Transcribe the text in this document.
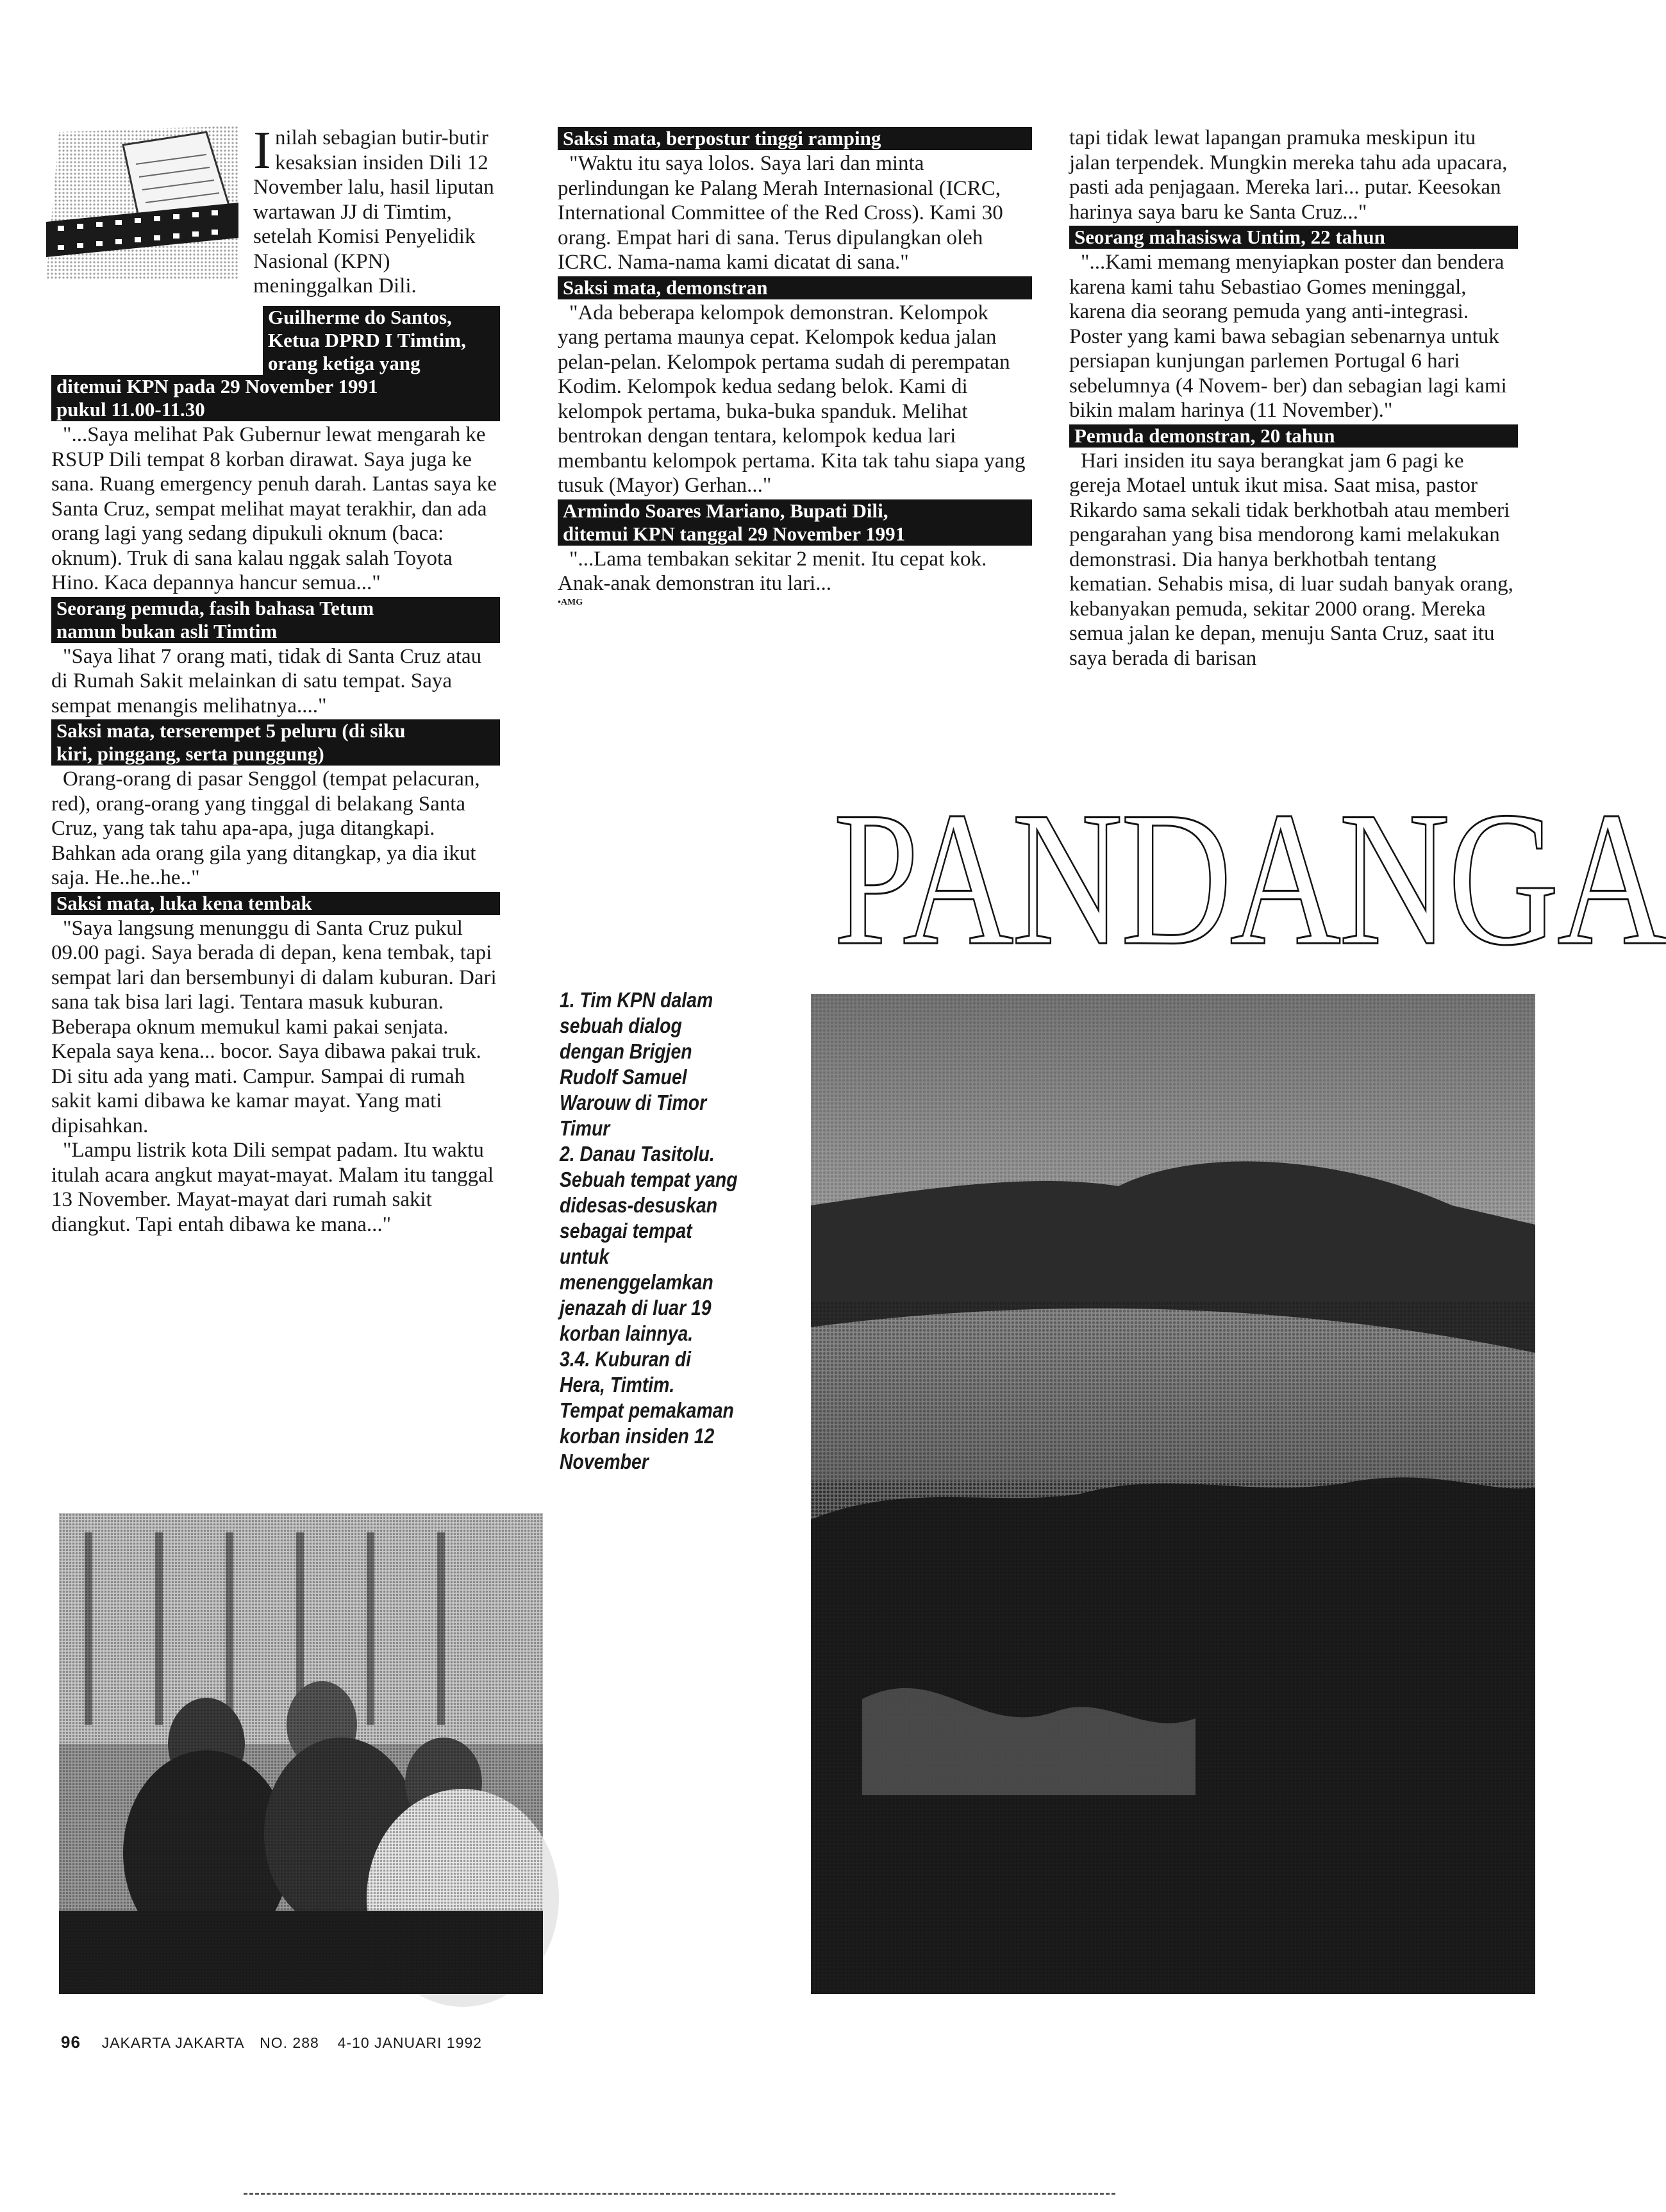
Inilah sebagian butir-butir kesaksian insiden Dili 12 November lalu, hasil liputan wartawan JJ di Timtim, setelah Komisi Penyelidik Nasional (KPN) meninggalkan Dili.
Guilherme do Santos,
Ketua DPRD I Timtim,
orang ketiga yang
ditemui KPN pada 29 November 1991
pukul 11.00-11.30

"...Saya melihat Pak Gubernur lewat mengarah ke RSUP Dili tempat 8 korban dirawat. Saya juga ke sana. Ruang emergency penuh darah. Lantas saya ke Santa Cruz, sempat melihat mayat terakhir, dan ada orang lagi yang sedang dipukuli oknum (baca: oknum). Truk di sana kalau nggak salah Toyota Hino. Kaca depannya hancur semua..."

Seorang pemuda, fasih bahasa Tetum
namun bukan asli Timtim

"Saya lihat 7 orang mati, tidak di Santa Cruz atau di Rumah Sakit melainkan di satu tempat. Saya sempat menangis melihatnya...."

Saksi mata, terserempet 5 peluru (di siku
kiri, pinggang, serta punggung)

Orang-orang di pasar Senggol (tempat pelacuran, red), orang-orang yang tinggal di belakang Santa Cruz, yang tak tahu apa-apa, juga ditangkapi. Bahkan ada orang gila yang ditangkap, ya dia ikut saja. He..he..he.."

Saksi mata, luka kena tembak

"Saya langsung menunggu di Santa Cruz pukul 09.00 pagi. Saya berada di depan, kena tembak, tapi sempat lari dan bersembunyi di dalam kuburan. Dari sana tak bisa lari lagi. Tentara masuk kuburan. Beberapa oknum memukul kami pakai senjata. Kepala saya kena... bocor. Saya dibawa pakai truk. Di situ ada yang mati. Campur. Sampai di rumah sakit kami dibawa ke kamar mayat. Yang mati dipisahkan.

"Lampu listrik kota Dili sempat padam. Itu waktu itulah acara angkut mayat-mayat. Malam itu tanggal 13 November. Mayat-mayat dari rumah sakit diangkut. Tapi entah dibawa ke mana..."

Saksi mata, berpostur tinggi ramping

"Waktu itu saya lolos. Saya lari dan minta perlindungan ke Palang Merah Internasional (ICRC, International Committee of the Red Cross). Kami 30 orang. Empat hari di sana. Terus dipulangkan oleh ICRC. Nama-nama kami dicatat di sana."

Saksi mata, demonstran

"Ada beberapa kelompok demonstran. Kelompok yang pertama maunya cepat. Kelompok kedua jalan pelan-pelan. Kelompok pertama sudah di perempatan Kodim. Kelompok kedua sedang belok. Kami di kelompok pertama, buka-buka spanduk. Melihat bentrokan dengan tentara, kelompok kedua lari membantu kelompok pertama. Kita tak tahu siapa yang tusuk (Mayor) Gerhan..."

Armindo Soares Mariano, Bupati Dili,
ditemui KPN tanggal 29 November 1991

"...Lama tembakan sekitar 2 menit. Itu cepat kok. Anak-anak demonstran itu lari...

•AMG

tapi tidak lewat lapangan pramuka meskipun itu jalan terpendek. Mungkin mereka tahu ada upacara, pasti ada penjagaan. Mereka lari... putar. Keesokan harinya saya baru ke Santa Cruz..."

Seorang mahasiswa Untim, 22 tahun

"...Kami memang menyiapkan poster dan bendera karena kami tahu Sebastiao Gomes meninggal, karena dia seorang pemuda yang anti-integrasi. Poster yang kami bawa sebagian sebenarnya untuk persiapan kunjungan parlemen Portugal 6 hari sebelumnya (4 Novem- ber) dan sebagian lagi kami bikin malam harinya (11 November)."

Pemuda demonstran, 20 tahun

Hari insiden itu saya berangkat jam 6 pagi ke gereja Motael untuk ikut misa. Saat misa, pastor Rikardo sama sekali tidak berkhotbah atau memberi pengarahan yang bisa mendorong kami melakukan demonstrasi. Dia hanya berkhotbah tentang kematian. Sehabis misa, di luar sudah banyak orang, kebanyakan pemuda, sekitar 2000 orang. Mereka semua jalan ke depan, menuju Santa Cruz, saat itu saya berada di barisan

PANDANGA
1. Tim KPN dalam
sebuah dialog
dengan Brigjen
Rudolf Samuel
Warouw di Timor
Timur
2. Danau Tasitolu.
Sebuah tempat yang
didesas-desuskan
sebagai tempat
untuk
menenggelamkan
jenazah di luar 19
korban lainnya.
3.4. Kuburan di
Hera, Timtim.
Tempat pemakaman
korban insiden 12
November
96 JAKARTA JAKARTA NO. 288 4-10 JANUARI 1992
